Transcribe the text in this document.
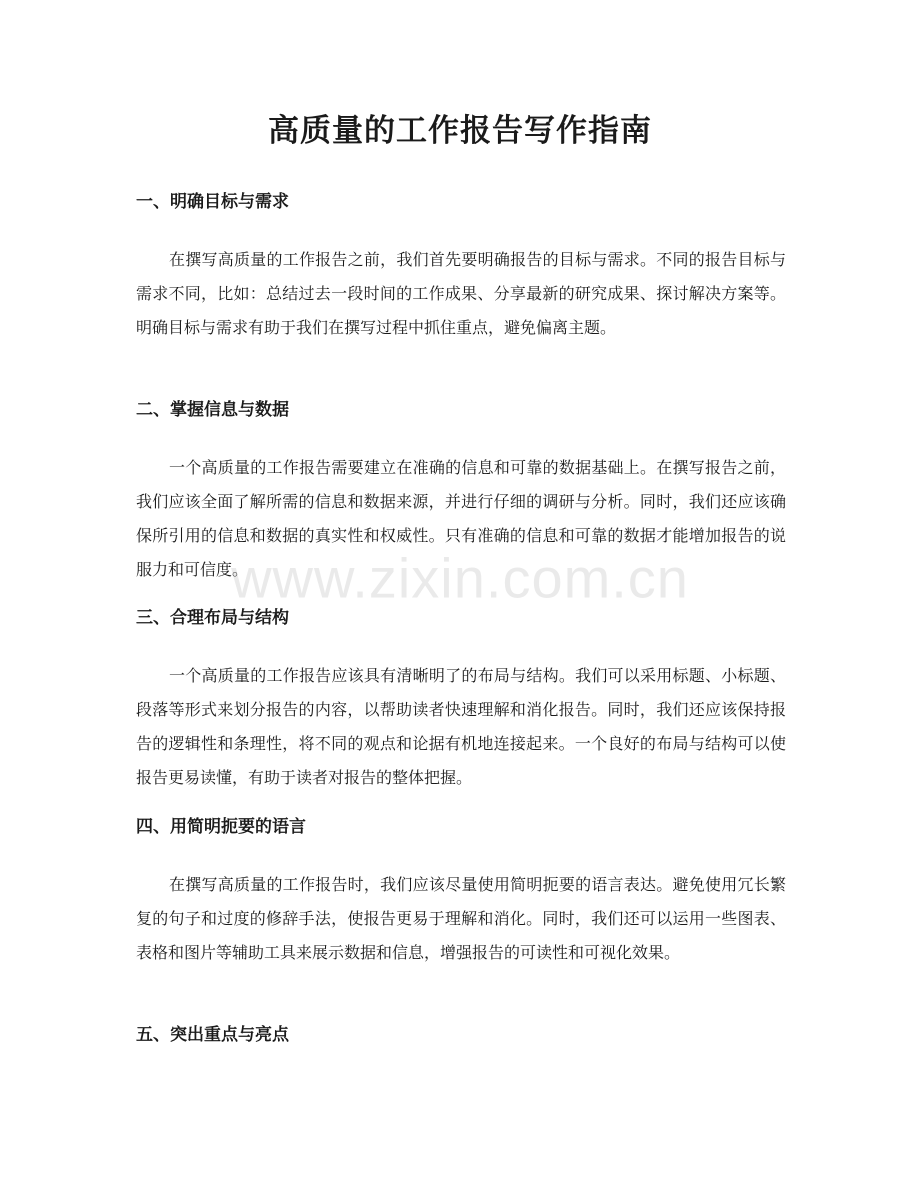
高质量的工作报告写作指南
一、明确目标与需求

在撰写高质量的工作报告之前，我们首先要明确报告的目标与需求。不同的报告目标与需求不同，比如：总结过去一段时间的工作成果、分享最新的研究成果、探讨解决方案等。明确目标与需求有助于我们在撰写过程中抓住重点，避免偏离主题。

二、掌握信息与数据

一个高质量的工作报告需要建立在准确的信息和可靠的数据基础上。在撰写报告之前，我们应该全面了解所需的信息和数据来源，并进行仔细的调研与分析。同时，我们还应该确保所引用的信息和数据的真实性和权威性。只有准确的信息和可靠的数据才能增加报告的说服力和可信度。

三、合理布局与结构

一个高质量的工作报告应该具有清晰明了的布局与结构。我们可以采用标题、小标题、段落等形式来划分报告的内容，以帮助读者快速理解和消化报告。同时，我们还应该保持报告的逻辑性和条理性，将不同的观点和论据有机地连接起来。一个良好的布局与结构可以使报告更易读懂，有助于读者对报告的整体把握。

四、用简明扼要的语言

在撰写高质量的工作报告时，我们应该尽量使用简明扼要的语言表达。避免使用冗长繁复的句子和过度的修辞手法，使报告更易于理解和消化。同时，我们还可以运用一些图表、表格和图片等辅助工具来展示数据和信息，增强报告的可读性和可视化效果。

五、突出重点与亮点
www.zixin.com.cn
